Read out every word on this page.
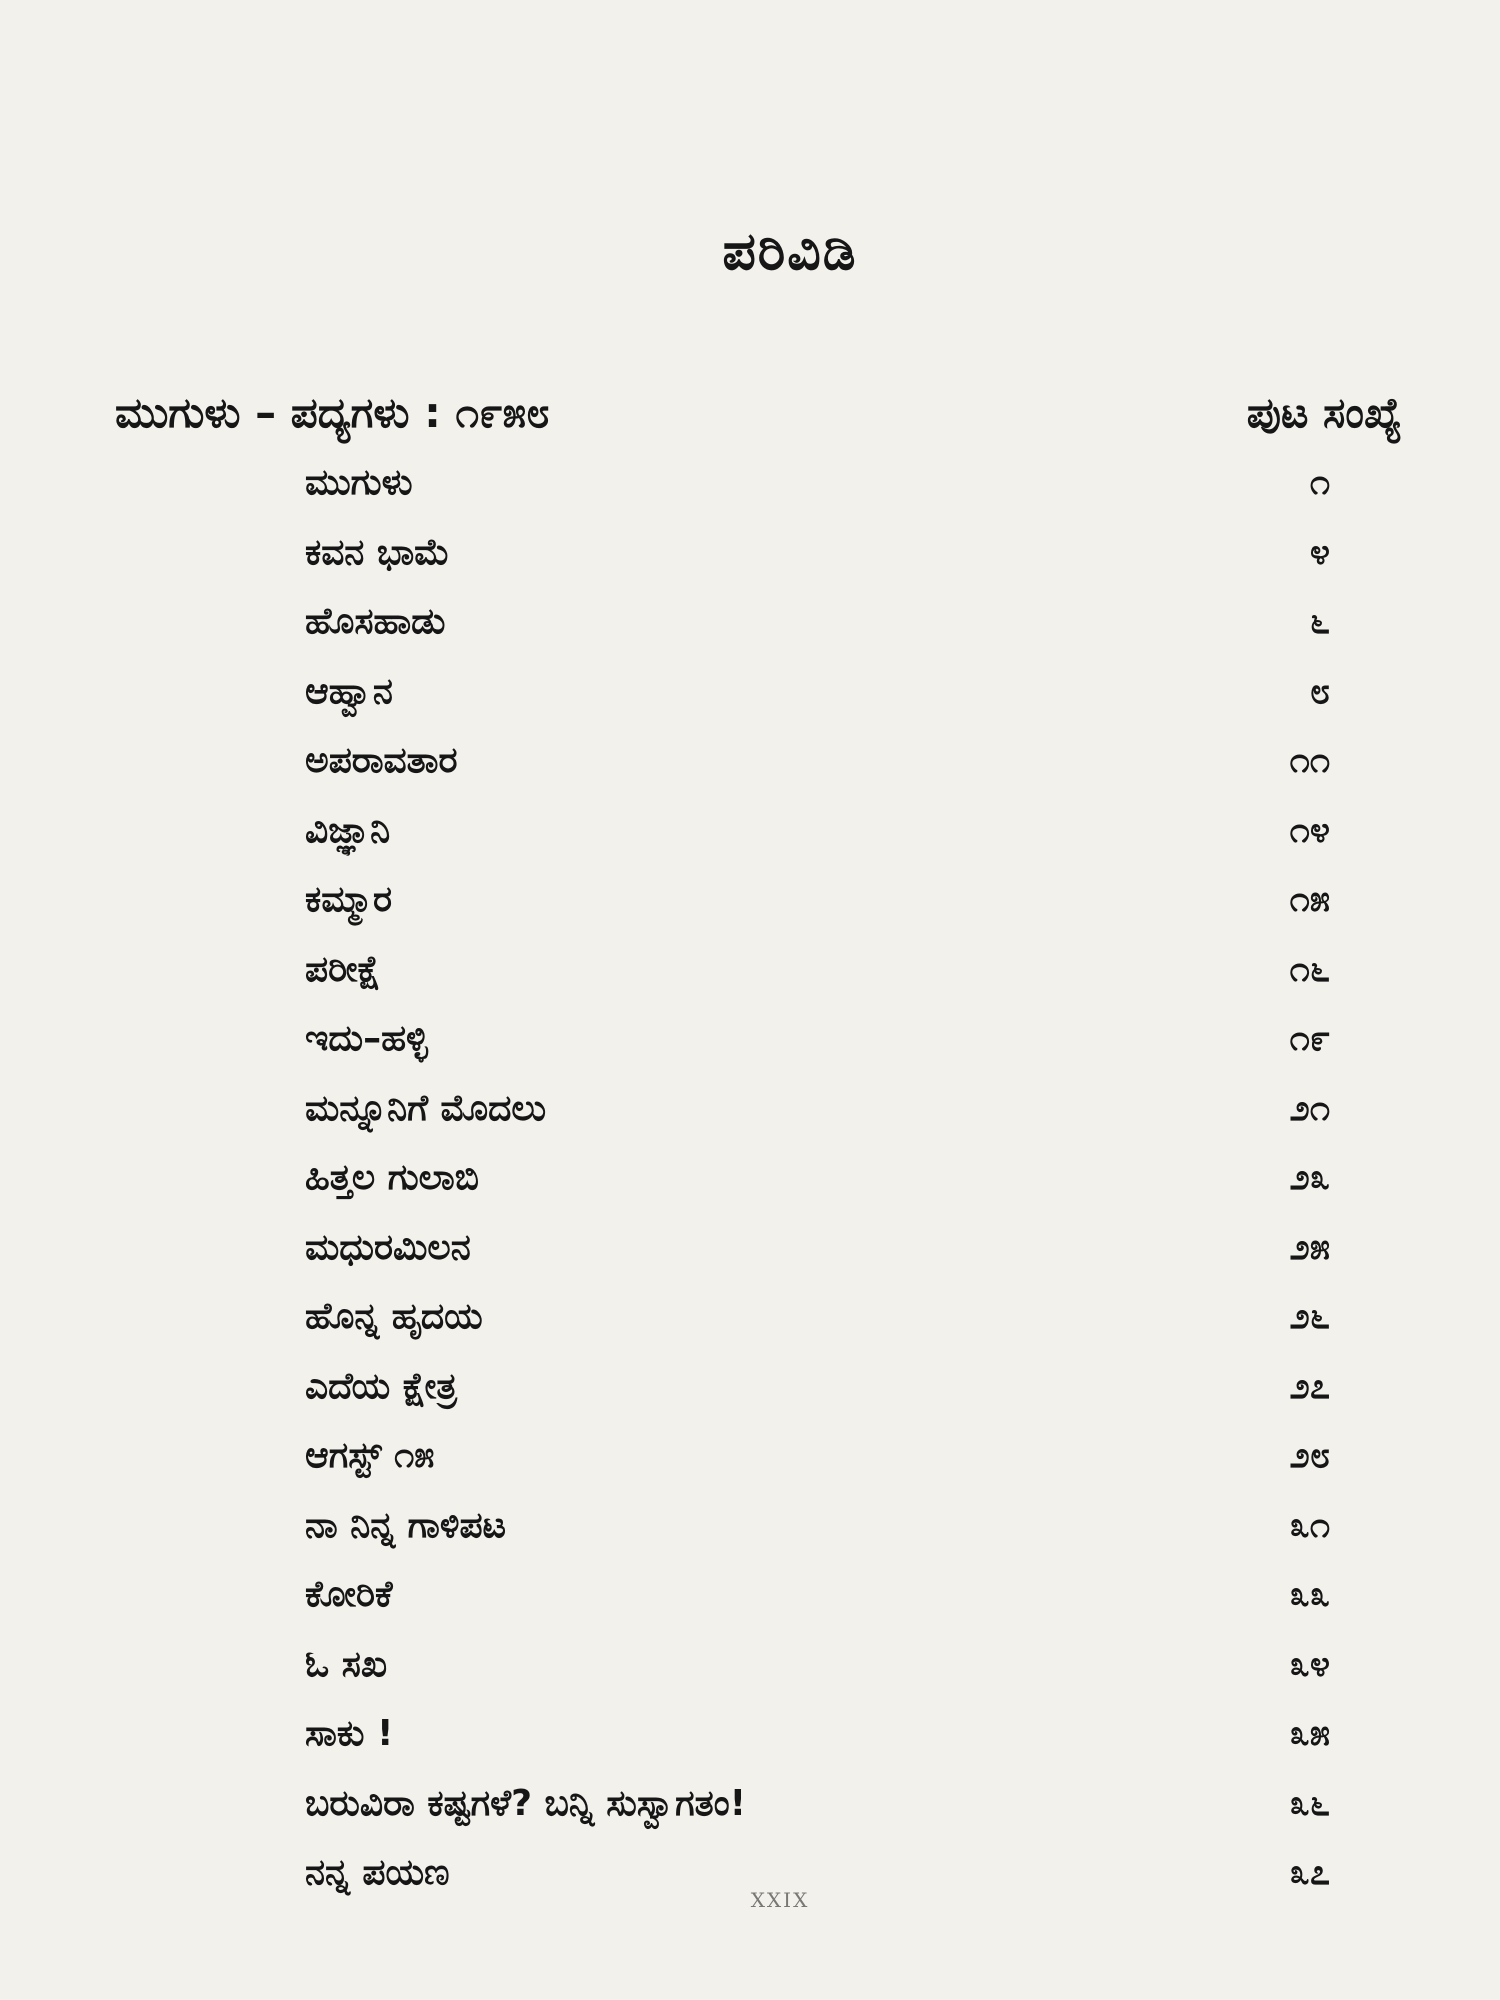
ಪರಿವಿಡಿ
ಮುಗುಳು – ಪದ್ಯಗಳು : ೧೯೫೮	ಪುಟ ಸಂಖ್ಯೆ
ಮುಗುಳು	೧
ಕವನ ಭಾಮೆ	೪
ಹೊಸಹಾಡು	೬
ಆಹ್ವಾನ	೮
ಅಪರಾವತಾರ	೧೧
ವಿಜ್ಞಾನಿ	೧೪
ಕಮ್ಮಾರ	೧೫
ಪರೀಕ್ಷೆ	೧೬
ಇದು–ಹಳ್ಳಿ	೧೯
ಮನ್ನೂನಿಗೆ ಮೊದಲು	೨೧
ಹಿತ್ತಲ ಗುಲಾಬಿ	೨೩
ಮಧುರಮಿಲನ	೨೫
ಹೊನ್ನ ಹೃದಯ	೨೬
ಎದೆಯ ಕ್ಷೇತ್ರ	೨೭
ಆಗಸ್ಟ್ ೧೫	೨೮
ನಾ ನಿನ್ನ ಗಾಳಿಪಟ	೩೧
ಕೋರಿಕೆ	೩೩
ಓ ಸಖ	೩೪
ಸಾಕು !	೩೫
ಬರುವಿರಾ ಕಷ್ಟಗಳೆ? ಬನ್ನಿ ಸುಸ್ವಾಗತಂ!	೩೬
ನನ್ನ ಪಯಣ	೩೭
XXIX
